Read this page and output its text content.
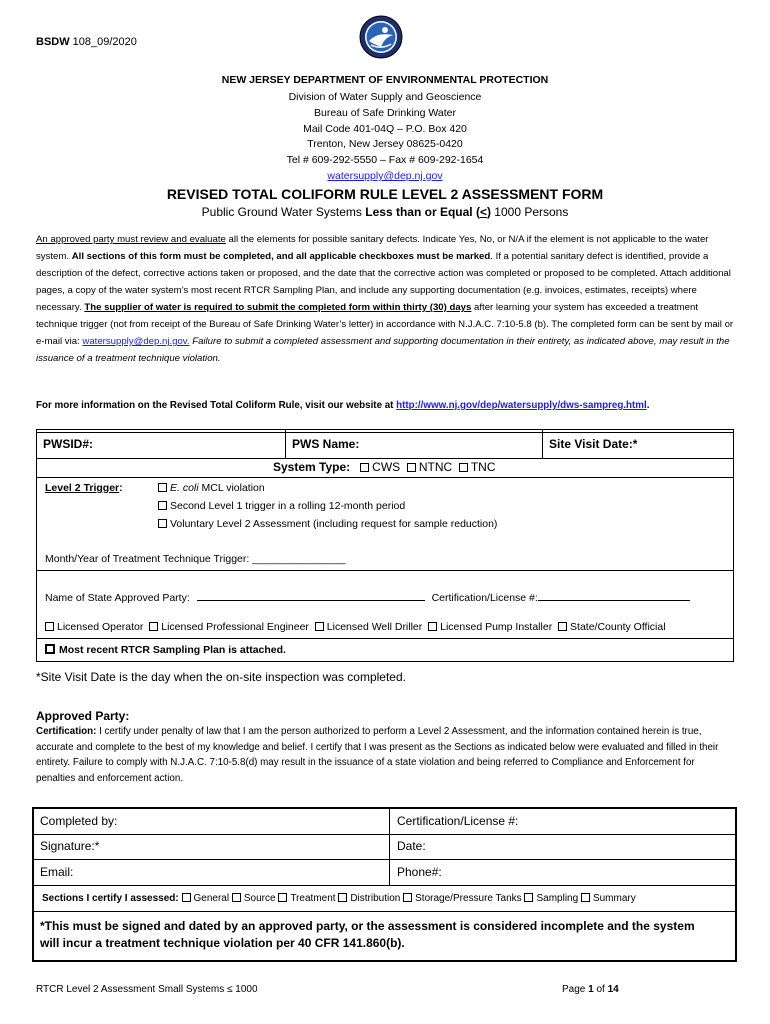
BSDW 108_09/2020
NEW JERSEY DEPARTMENT OF ENVIRONMENTAL PROTECTION
Division of Water Supply and Geoscience
Bureau of Safe Drinking Water
Mail Code 401-04Q – P.O. Box 420
Trenton, New Jersey 08625-0420
Tel # 609-292-5550 – Fax # 609-292-1654
watersupply@dep.nj.gov
REVISED TOTAL COLIFORM RULE LEVEL 2 ASSESSMENT FORM
Public Ground Water Systems Less than or Equal (<) 1000 Persons
An approved party must review and evaluate all the elements for possible sanitary defects. Indicate Yes, No, or N/A if the element is not applicable to the water system. All sections of this form must be completed, and all applicable checkboxes must be marked. If a potential sanitary defect is identified, provide a description of the defect, corrective actions taken or proposed, and the date that the corrective action was completed or proposed to be completed. Attach additional pages, a copy of the water system’s most recent RTCR Sampling Plan, and include any supporting documentation (e.g. invoices, estimates, receipts) where necessary. The supplier of water is required to submit the completed form within thirty (30) days after learning your system has exceeded a treatment technique trigger (not from receipt of the Bureau of Safe Drinking Water’s letter) in accordance with N.J.A.C. 7:10-5.8 (b). The completed form can be sent by mail or e-mail via: watersupply@dep.nj.gov. Failure to submit a completed assessment and supporting documentation in their entirety, as indicated above, may result in the issuance of a treatment technique violation.
For more information on the Revised Total Coliform Rule, visit our website at http://www.nj.gov/dep/watersupply/dws-sampreg.html.
PWSID#:	PWS Name:	Site Visit Date:*
System Type: CWS NTNC TNC
Level 2 Trigger:	E. coli MCL violation
Second Level 1 trigger in a rolling 12-month period
Voluntary Level 2 Assessment (including request for sample reduction)
Month/Year of Treatment Technique Trigger: ________________
Name of State Approved Party:	Certification/License #:
Licensed Operator Licensed Professional Engineer Licensed Well Driller Licensed Pump Installer State/County Official
Most recent RTCR Sampling Plan is attached.
*Site Visit Date is the day when the on-site inspection was completed.
Approved Party:
Certification: I certify under penalty of law that I am the person authorized to perform a Level 2 Assessment, and the information contained herein is true, accurate and complete to the best of my knowledge and belief. I certify that I was present as the Sections as indicated below were evaluated and filled in their entirety. Failure to comply with N.J.A.C. 7:10-5.8(d) may result in the issuance of a state violation and being referred to Compliance and Enforcement for penalties and enforcement action.
Completed by:	Certification/License #:
Signature:*	Date:
Email:	Phone#:
Sections I certify I assessed: General Source Treatment Distribution Storage/Pressure Tanks Sampling Summary
*This must be signed and dated by an approved party, or the assessment is considered incomplete and the system will incur a treatment technique violation per 40 CFR 141.860(b).
RTCR Level 2 Assessment Small Systems ≤ 1000	Page 1 of 14
